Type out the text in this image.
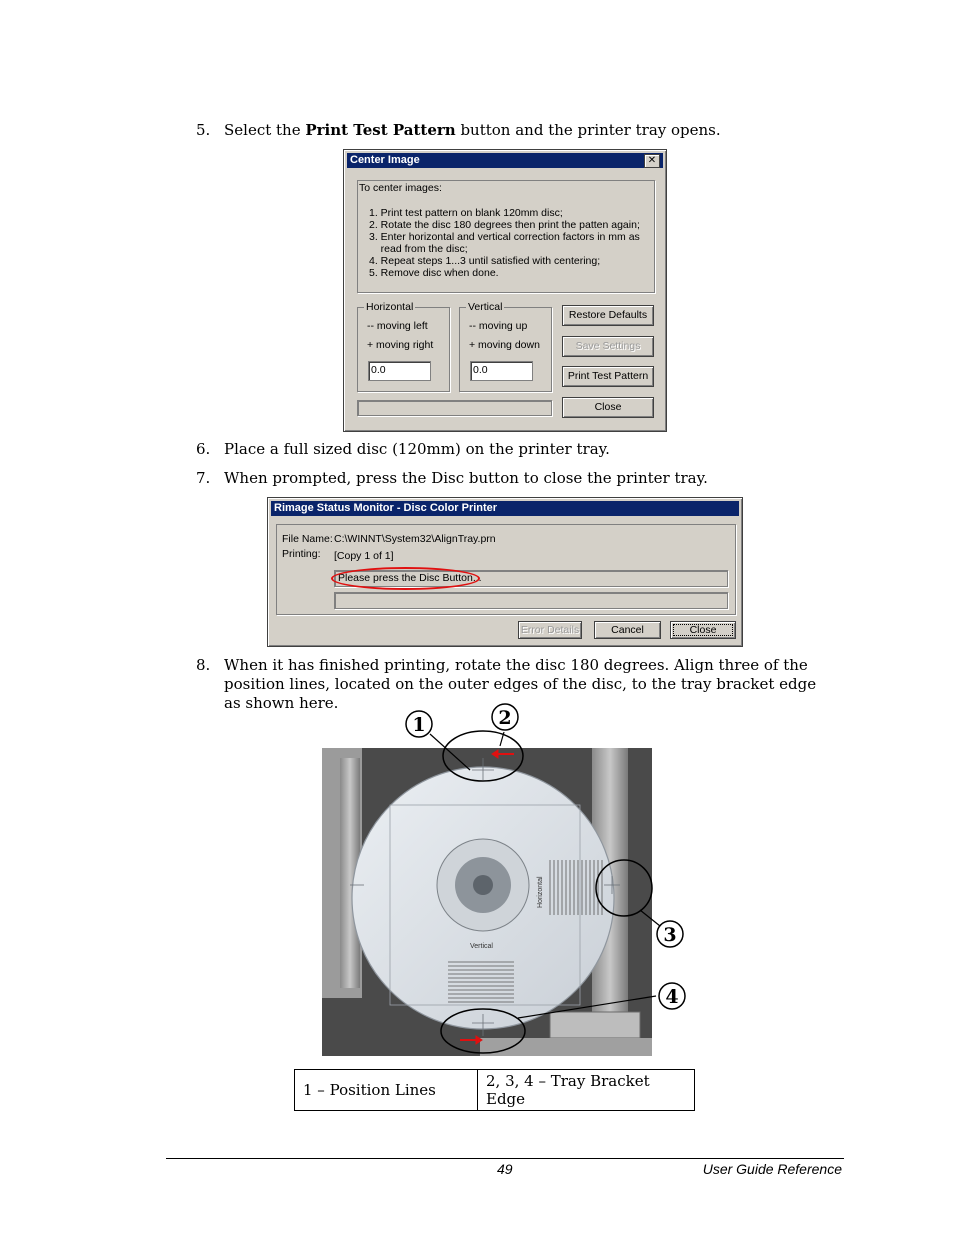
5. Select the Print Test Pattern button and the printer tray opens.
Center Image	✕
To center images:
1. Print test pattern on blank 120mm disc;
2. Rotate the disc 180 degrees then print the patten again;
3. Enter horizontal and vertical correction factors in mm as
read from the disc;
4. Repeat steps 1...3 until satisfied with centering;
5. Remove disc when done.
Horizontal
-- moving left
+ moving right
0.0
Vertical
-- moving up
+ moving down
0.0
Restore Defaults
Save Settings
Print Test Pattern
Close
6. Place a full sized disc (120mm) on the printer tray.
7. When prompted, press the Disc button to close the printer tray.
Rimage Status Monitor - Disc Color Printer
File Name: C:\WINNT\System32\AlignTray.prn
Printing: [Copy 1 of 1]
Please press the Disc Button...
Error Details	Cancel	Close
8. When it has finished printing, rotate the disc 180 degrees. Align three of the position lines, located on the outer edges of the disc, to the tray bracket edge as shown here.
Horizontal
Vertical
1	2
3
4
1 – Position Lines	2, 3, 4 – Tray Bracket Edge
49	User Guide Reference
